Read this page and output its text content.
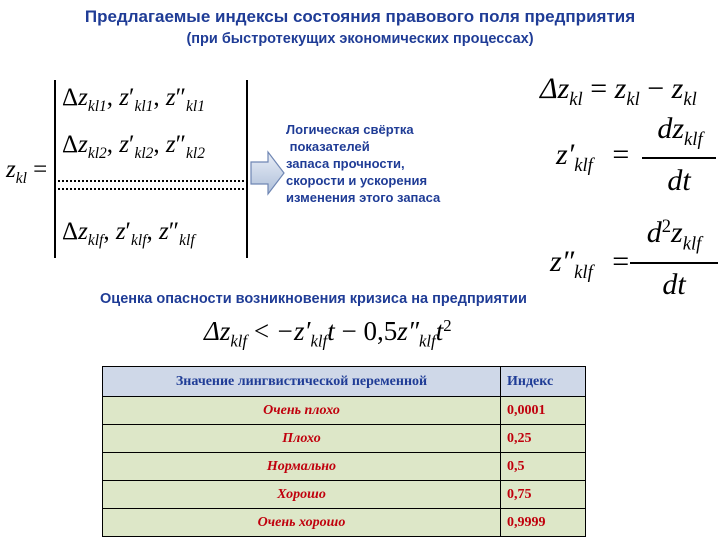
Предлагаемые индексы состояния правового поля предприятия
(при быстротекущих экономических процессах)
$z_{kl}$ =
$\Delta z_{kl1}$, $z'_{kl1}$, $z''_{kl1}$
$\Delta z_{kl2}$, $z'_{kl2}$, $z''_{kl2}$
$\Delta z_{klf}$, $z'_{klf}$, $z''_{klf}$
Логическая свёртка
показателей
запаса прочности,
скорости и ускорения
изменения этого запаса
$\Delta z_{kl} = z_{kl} - z_{kl}$
$z'_{klf}$ =
$dz_{klf}$
dt
$z''_{klf}$ =
$d^2z_{klf}$
dt
Оценка опасности возникновения кризиса на предприятии
$\Delta z_{klf} < -z'_{klf}t - 0,5z''_{klf}t^2$
Значение лингвистической переменной	Индекс
Очень плохо	0,0001
Плохо	0,25
Нормально	0,5
Хорошо	0,75
Очень хорошо	0,9999
